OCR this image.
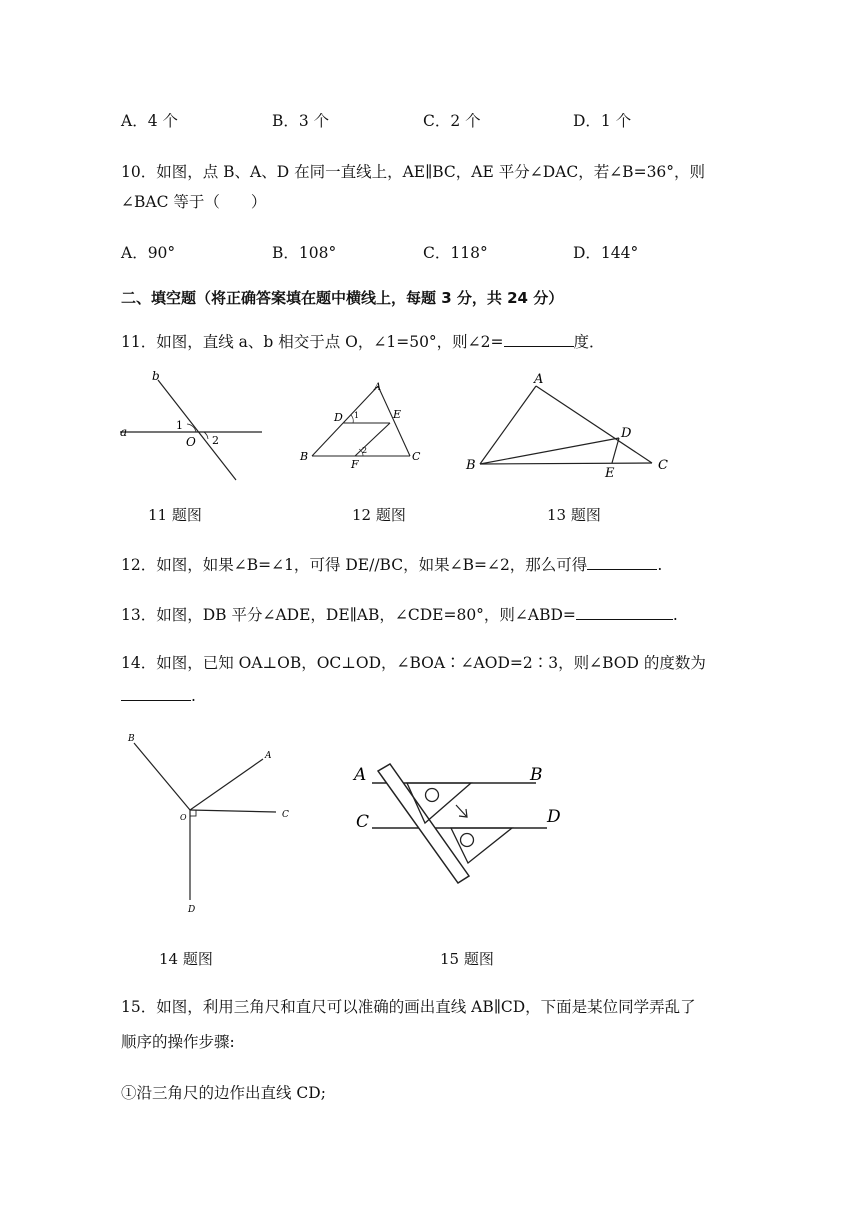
A．4 个	B．3 个	C．2 个	D．1 个
10．如图，点 B、A、D 在同一直线上，AE∥BC，AE 平分∠DAC，若∠B=36°，则
∠BAC 等于（　　）
A．90°	B．108°	C．118°	D．144°
二、填空题（将正确答案填在题中横线上，每题 3 分，共 24 分）
11．如图，直线 a、b 相交于点 O，∠1=50°，则∠2=	度．
b
a	1
O 2
A
D 1	E
B	2
F
C
A
D
B
E
C
11 题图	12 题图	13 题图
12．如图，如果∠B=∠1，可得 DE//BC，如果∠B=∠2，那么可得	.
13．如图，DB 平分∠ADE，DE∥AB，∠CDE=80°，则∠ABD=	.
14．如图，已知 OA⊥OB，OC⊥OD，∠BOA∶∠AOD=2∶3，则∠BOD 的度数为
.
B
A
O	C
D
A	B
C	D
14 题图	15 题图
15．如图，利用三角尺和直尺可以准确的画出直线 AB∥CD，下面是某位同学弄乱了
顺序的操作步骤:
①沿三角尺的边作出直线 CD;
